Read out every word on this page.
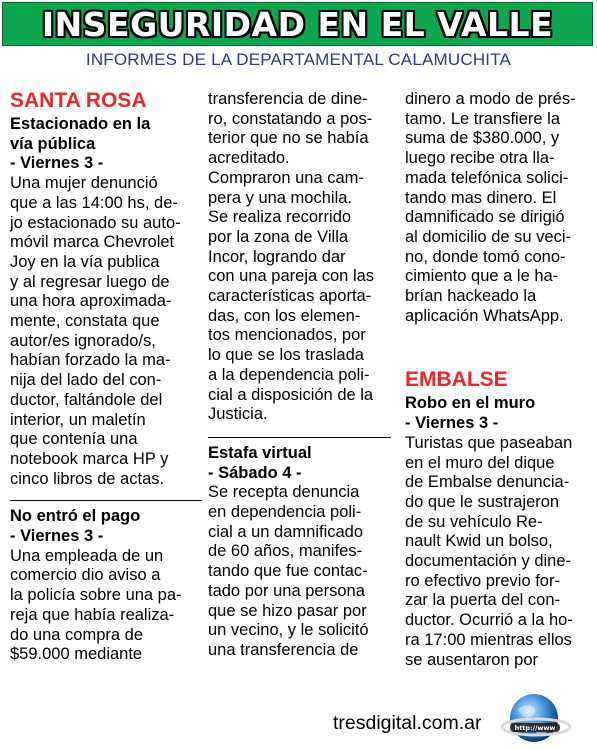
INSEGURIDAD EN EL VALLE
INFORMES DE LA DEPARTAMENTAL CALAMUCHITA
SANTA ROSA
Estacionado en la
vía pública
- Viernes 3 -
Una mujer denunció
que a las 14:00 hs, de-
jo estacionado su auto-
móvil marca Chevrolet
Joy en la vía publica
y al regresar luego de
una hora aproximada-
mente, constata que
autor/es ignorado/s,
habían forzado la ma-
nija del lado del con-
ductor, faltándole del
interior, un maletín
que contenía una
notebook marca HP y
cinco libros de actas.
No entró el pago
- Viernes 3 -
Una empleada de un
comercio dio aviso a
la policía sobre una pa-
reja que había realiza-
do una compra de
$59.000 mediante
transferencia de dine-
ro, constatando a pos-
terior que no se había
acreditado.
Compraron una cam-
pera y una mochila.
Se realiza recorrido
por la zona de Villa
Incor, logrando dar
con una pareja con las
características aporta-
das, con los elemen-
tos mencionados, por
lo que se los traslada
a la dependencia poli-
cial a disposición de la
Justicia.
Estafa virtual
- Sábado 4 -
Se recepta denuncia
en dependencia poli-
cial a un damnificado
de 60 años, manifes-
tando que fue contac-
tado por una persona
que se hizo pasar por
un vecino, y le solicitó
una transferencia de
dinero a modo de prés-
tamo. Le transfiere la
suma de $380.000, y
luego recibe otra lla-
mada telefónica solici-
tando mas dinero. El
damnificado se dirigió
al domicilio de su veci-
no, donde tomó cono-
cimiento que a le ha-
brían hackeado la
aplicación WhatsApp.
EMBALSE
Robo en el muro
- Viernes 3 -
Turistas que paseaban
en el muro del dique
de Embalse denuncia-
do que le sustrajeron
de su vehículo Re-
nault Kwid un bolso,
documentación y dine-
ro efectivo previo for-
zar la puerta del con-
ductor. Ocurrió a la ho-
ra 17:00 mientras ellos
se ausentaron por
tresdigital.com.ar	http://www
